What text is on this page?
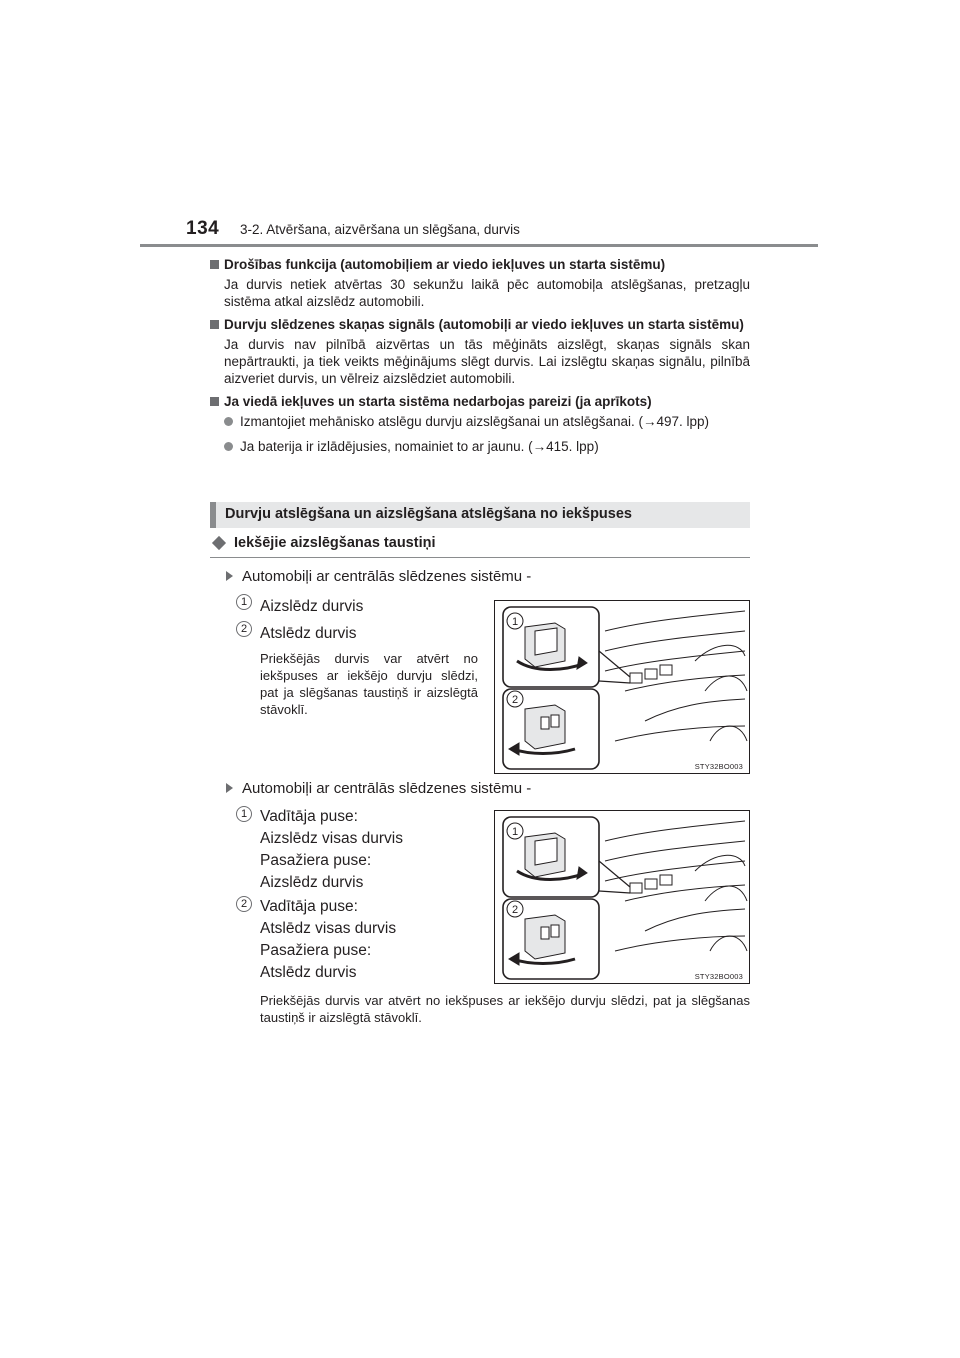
134 3-2. Atvēršana, aizvēršana un slēgšana, durvis
Drošības funkcija (automobiļiem ar viedo iekļuves un starta sistēmu)
Ja durvis netiek atvērtas 30 sekunžu laikā pēc automobiļa atslēgšanas, pretzagļu sistēma atkal aizslēdz automobili.
Durvju slēdzenes skaņas signāls (automobiļi ar viedo iekļuves un starta sistēmu)
Ja durvis nav pilnībā aizvērtas un tās mēģināts aizslēgt, skaņas signāls skan nepārtraukti, ja tiek veikts mēģinājums slēgt durvis. Lai izslēgtu skaņas signālu, pilnībā aizveriet durvis, un vēlreiz aizslēdziet automobili.
Ja viedā iekļuves un starta sistēma nedarbojas pareizi (ja aprīkots)
Izmantojiet mehānisko atslēgu durvju aizslēgšanai un atslēgšanai. (→497. lpp)
Ja baterija ir izlādējusies, nomainiet to ar jaunu. (→415. lpp)
Durvju atslēgšana un aizslēgšana atslēgšana no iekšpuses
Iekšējie aizslēgšanas taustiņi
Automobiļi ar centrālās slēdzenes sistēmu -
1 Aizslēdz durvis
2 Atslēdz durvis
Priekšējās durvis var atvērt no iekšpuses ar iekšējo durvju slēdzi, pat ja slēgšanas taustiņš ir aizslēgtā stāvoklī.
1
2
STY32BO003
Automobiļi ar centrālās slēdzenes sistēmu -
1 Vadītāja puse:
Aizslēdz visas durvis
Pasažiera puse:
Aizslēdz durvis
2 Vadītāja puse:
Atslēdz visas durvis
Pasažiera puse:
Atslēdz durvis
1
2
STY32BO003
Priekšējās durvis var atvērt no iekšpuses ar iekšējo durvju slēdzi, pat ja slēgšanas taustiņš ir aizslēgtā stāvoklī.
